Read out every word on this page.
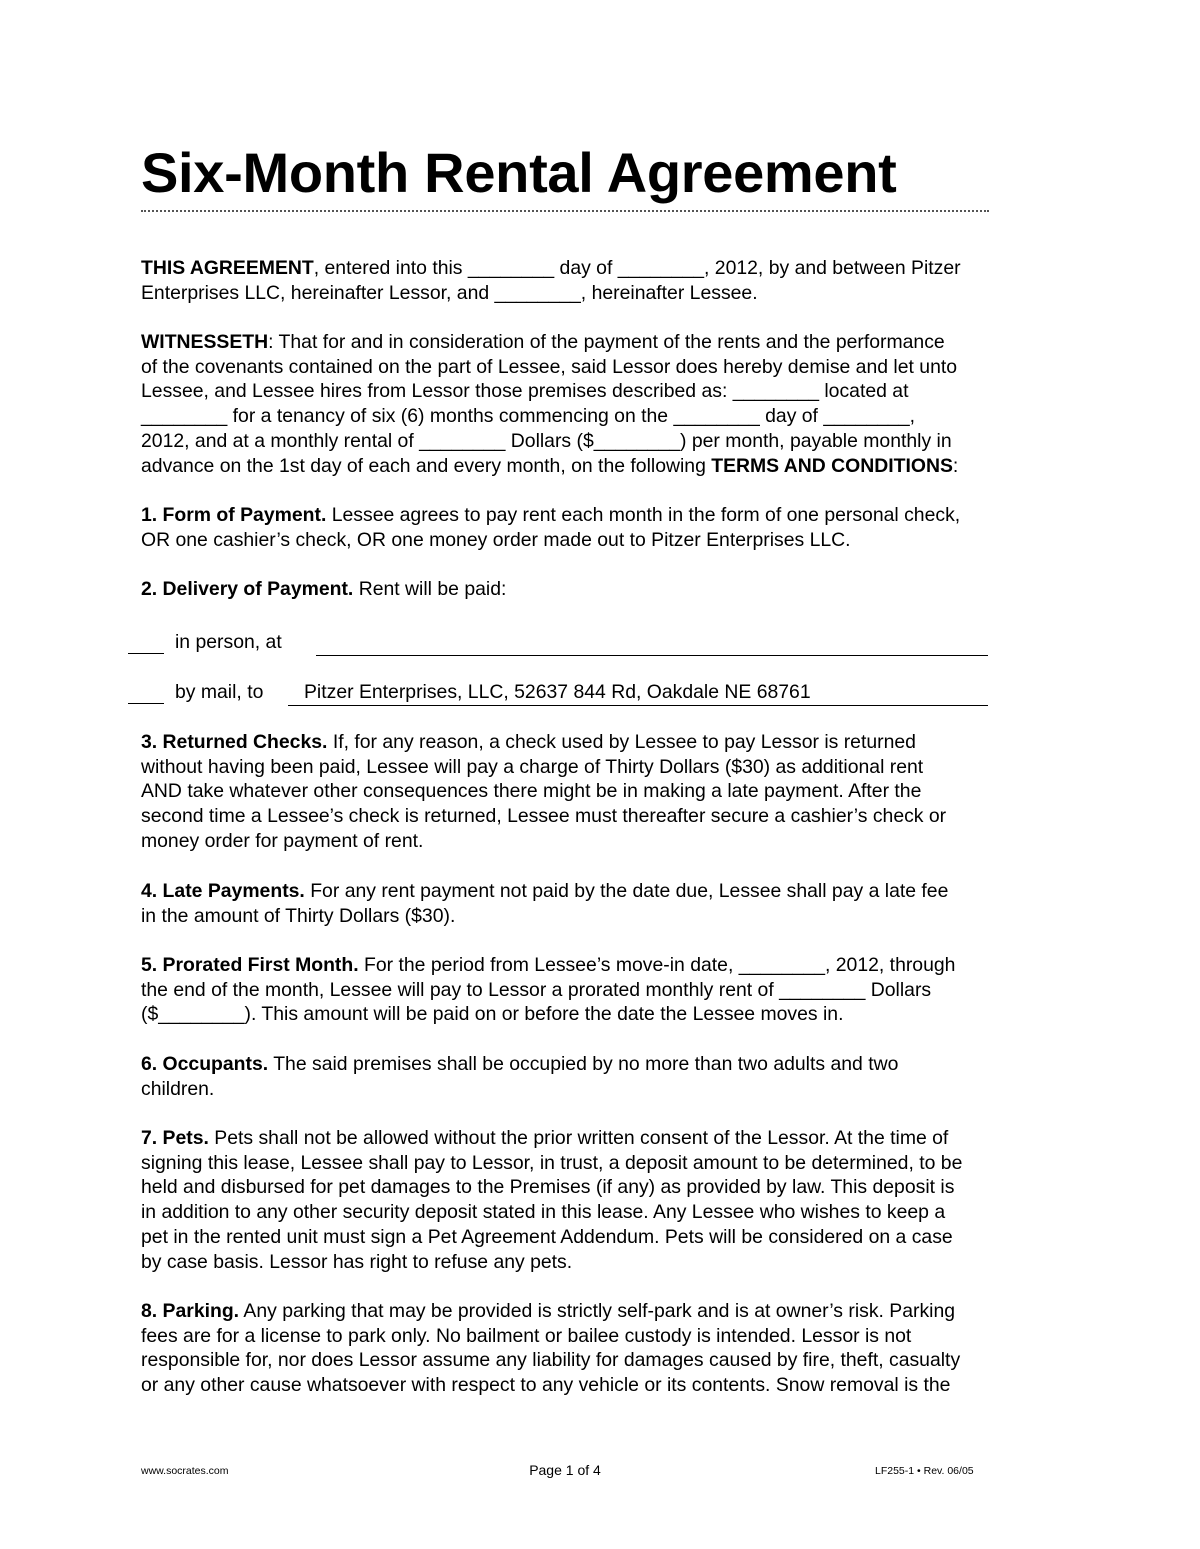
Six-Month Rental Agreement

THIS AGREEMENT, entered into this ________ day of ________, 2012, by and between Pitzer
Enterprises LLC, hereinafter Lessor, and ________, hereinafter Lessee.

WITNESSETH: That for and in consideration of the payment of the rents and the performance
of the covenants contained on the part of Lessee, said Lessor does hereby demise and let unto
Lessee, and Lessee hires from Lessor those premises described as: ________ located at
________ for a tenancy of six (6) months commencing on the ________ day of ________,
2012, and at a monthly rental of ________ Dollars ($________) per month, payable monthly in
advance on the 1st day of each and every month, on the following TERMS AND CONDITIONS:

1. Form of Payment. Lessee agrees to pay rent each month in the form of one personal check,
OR one cashier’s check, OR one money order made out to Pitzer Enterprises LLC.

2. Delivery of Payment. Rent will be paid:

in person, at
by mail, to Pitzer Enterprises, LLC, 52637 844 Rd, Oakdale NE 68761

3. Returned Checks. If, for any reason, a check used by Lessee to pay Lessor is returned
without having been paid, Lessee will pay a charge of Thirty Dollars ($30) as additional rent
AND take whatever other consequences there might be in making a late payment. After the
second time a Lessee’s check is returned, Lessee must thereafter secure a cashier’s check or
money order for payment of rent.

4. Late Payments. For any rent payment not paid by the date due, Lessee shall pay a late fee
in the amount of Thirty Dollars ($30).

5. Prorated First Month. For the period from Lessee’s move-in date, ________, 2012, through
the end of the month, Lessee will pay to Lessor a prorated monthly rent of ________ Dollars
($________). This amount will be paid on or before the date the Lessee moves in.

6. Occupants. The said premises shall be occupied by no more than two adults and two
children.

7. Pets. Pets shall not be allowed without the prior written consent of the Lessor. At the time of
signing this lease, Lessee shall pay to Lessor, in trust, a deposit amount to be determined, to be
held and disbursed for pet damages to the Premises (if any) as provided by law. This deposit is
in addition to any other security deposit stated in this lease. Any Lessee who wishes to keep a
pet in the rented unit must sign a Pet Agreement Addendum. Pets will be considered on a case
by case basis. Lessor has right to refuse any pets.

8. Parking. Any parking that may be provided is strictly self-park and is at owner’s risk. Parking
fees are for a license to park only. No bailment or bailee custody is intended. Lessor is not
responsible for, nor does Lessor assume any liability for damages caused by fire, theft, casualty
or any other cause whatsoever with respect to any vehicle or its contents. Snow removal is the

www.socrates.com	Page 1 of 4	LF255-1 • Rev. 06/05
